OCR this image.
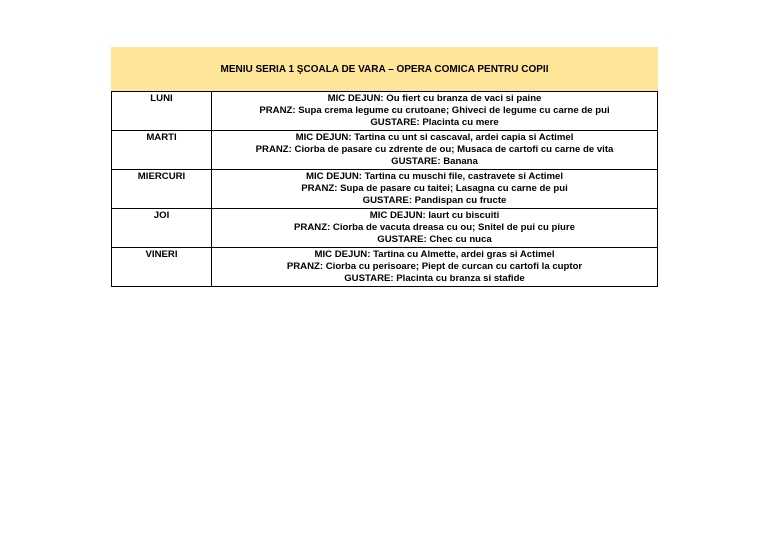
MENIU SERIA 1 ŞCOALA DE VARA – OPERA COMICA PENTRU COPII	
LUNI	MIC DEJUN: Ou fiert cu branza de vaci si paine
PRANZ: Supa crema legume cu crutoane; Ghiveci de legume cu carne de pui
GUSTARE: Placinta cu mere

MARTI	MIC DEJUN: Tartina cu unt si cascaval, ardei capia si Actimel
PRANZ: Ciorba de pasare cu zdrente de ou; Musaca de cartofi cu carne de vita
GUSTARE: Banana

MIERCURI	MIC DEJUN: Tartina cu muschi file, castravete si Actimel
PRANZ: Supa de pasare cu taitei; Lasagna cu carne de pui
GUSTARE: Pandispan cu fructe

JOI	MIC DEJUN: Iaurt cu biscuiti
PRANZ: Ciorba de vacuta dreasa cu ou; Snitel de pui cu piure
GUSTARE: Chec cu nuca

VINERI	MIC DEJUN: Tartina cu Almette, ardei gras si Actimel
PRANZ: Ciorba cu perisoare; Piept de curcan cu cartofi la cuptor
GUSTARE: Placinta cu branza si stafide
